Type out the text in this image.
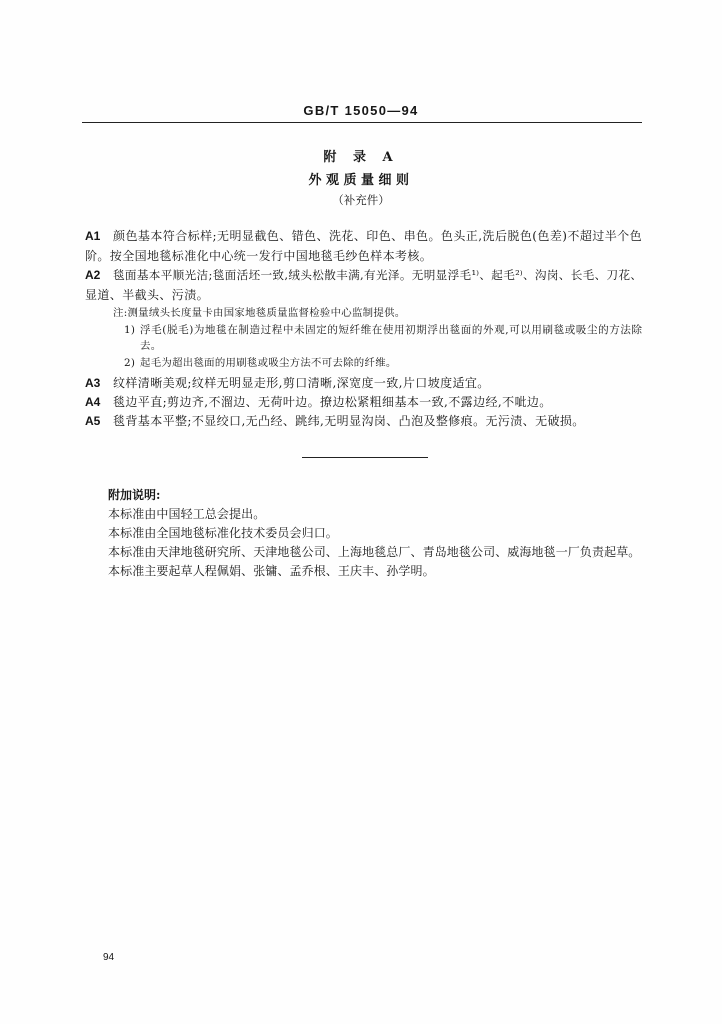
GB/T 15050—94
附 录 A
外观质量细则
（补充件）
A1 颜色基本符合标样;无明显截色、错色、洗花、印色、串色。色头正,洗后脱色(色差)不超过半个色
阶。按全国地毯标准化中心统一发行中国地毯毛纱色样本考核。
A2 毯面基本平顺光洁;毯面活坯一致,绒头松散丰满,有光泽。无明显浮毛¹⁾、起毛²⁾、沟岗、长毛、刀花、
显道、半截头、污渍。
注:测量绒头长度量卡由国家地毯质量监督检验中心监制提供。
1) 浮毛(脱毛)为地毯在制造过程中未固定的短纤维在使用初期浮出毯面的外观,可以用刷毯或吸尘的方法除
去。
2) 起毛为超出毯面的用刷毯或吸尘方法不可去除的纤维。
A3 纹样清晰美观;纹样无明显走形,剪口清晰,深宽度一致,片口坡度适宜。
A4 毯边平直;剪边齐,不溜边、无荷叶边。撩边松紧粗细基本一致,不露边经,不呲边。
A5 毯背基本平整;不显绞口,无凸经、跳纬,无明显沟岗、凸泡及整修痕。无污渍、无破损。
附加说明:
本标准由中国轻工总会提出。
本标准由全国地毯标准化技术委员会归口。
本标准由天津地毯研究所、天津地毯公司、上海地毯总厂、青岛地毯公司、威海地毯一厂负责起草。
本标准主要起草人程佩娟、张镛、孟乔根、王庆丰、孙学明。
94
